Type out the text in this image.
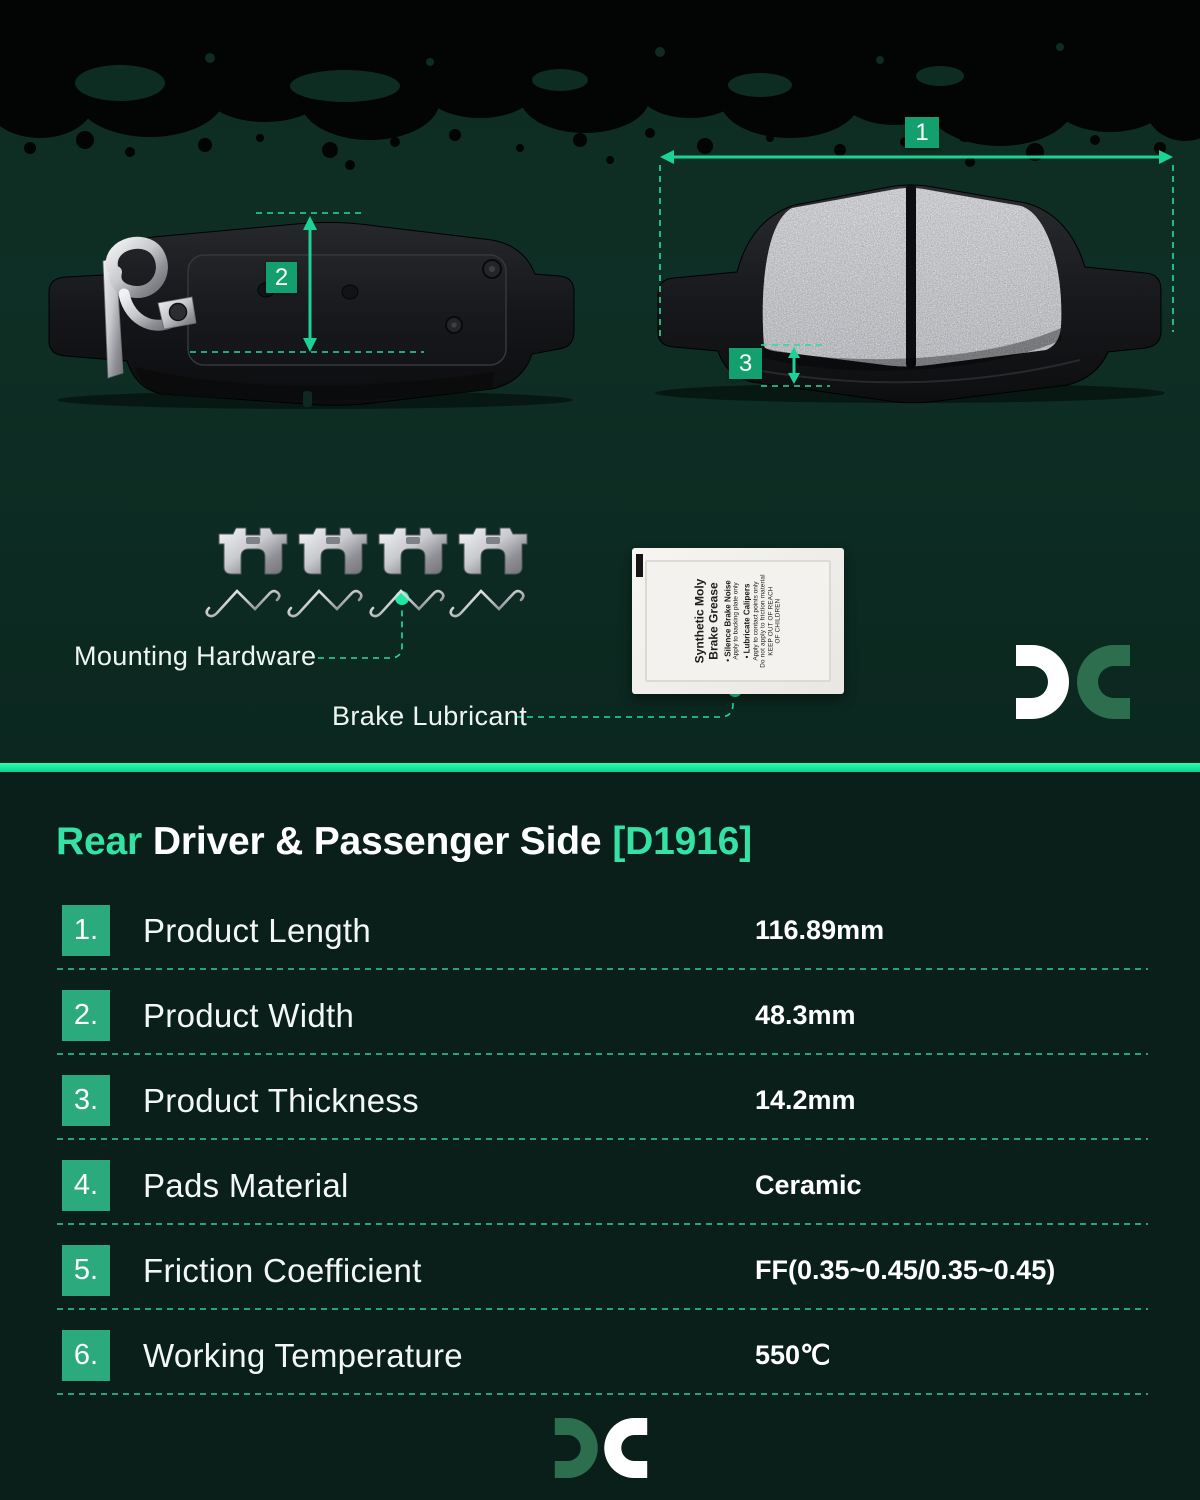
1
2
3
Mounting Hardware
Brake Lubricant
Synthetic Moly Brake Grease • Silence Brake Noise Apply to backing plate only • Lubricate Calipers Apply to contact points only Do not apply to friction material KEEP OUT OF REACH OF CHILDREN
Rear Driver & Passenger Side [D1916]
1. Product Length	116.89mm
2. Product Width	48.3mm
3. Product Thickness	14.2mm
4. Pads Material	Ceramic
5. Friction Coefficient	FF(0.35~0.45/0.35~0.45)
6. Working Temperature	550℃
